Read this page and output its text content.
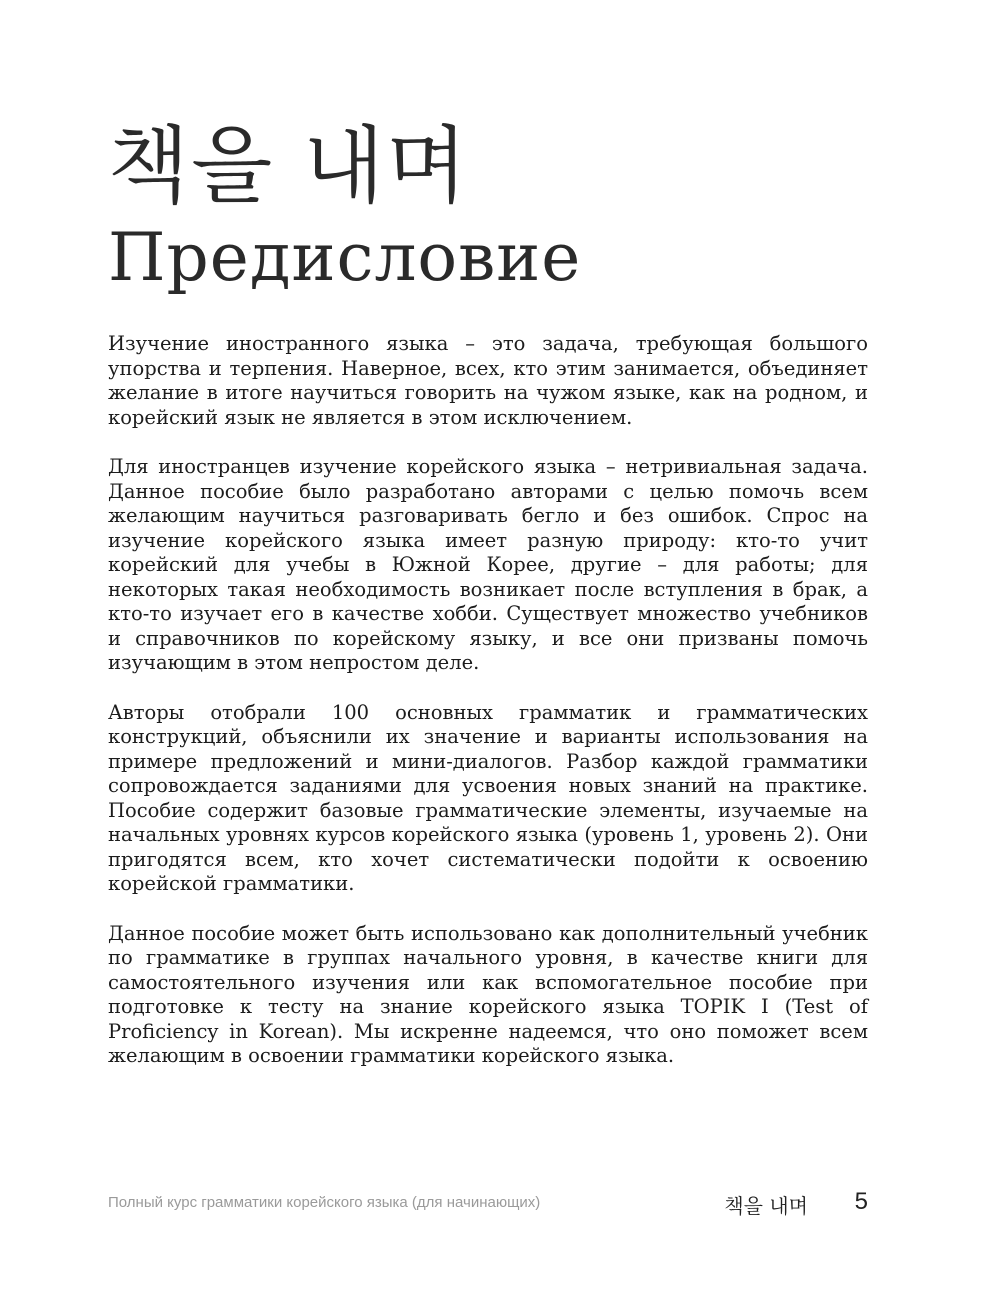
책을 내며
Предисловие

Изучение иностранного языка – это задача, требующая большого упорства и терпения. Наверное, всех, кто этим занимается, объединяет желание в итоге научиться говорить на чужом языке, как на родном, и корейский язык не является в этом исключением.

Для иностранцев изучение корейского языка – нетривиальная задача. Данное пособие было разработано авторами с целью помочь всем желающим научиться разговаривать бегло и без ошибок. Спрос на изучение корейского языка имеет разную природу: кто-то учит корейский для учебы в Южной Корее, другие – для работы; для некоторых такая необходимость возникает после вступления в брак, а кто-то изучает его в качестве хобби. Существует множество учебников и справочников по корейскому языку, и все они призваны помочь изучающим в этом непростом деле.

Авторы отобрали 100 основных грамматик и грамматических конструкций, объяснили их значение и варианты использования на примере предложений и мини-диалогов. Разбор каждой грамматики сопровождается заданиями для усвоения новых знаний на практике. Пособие содержит базовые грамматические элементы, изучаемые на начальных уровнях курсов корейского языка (уровень 1, уровень 2). Они пригодятся всем, кто хочет систематически подойти к освоению корейской грамматики.

Данное пособие может быть использовано как дополнительный учебник по грамматике в группах начального уровня, в качестве книги для самостоятельного изучения или как вспомогательное пособие при подготовке к тесту на знание корейского языка TOPIK I (Test of Proficiency in Korean). Мы искренне надеемся, что оно поможет всем желающим в освоении грамматики корейского языка.

Полный курс грамматики корейского языка (для начинающих)	책을 내며 5
